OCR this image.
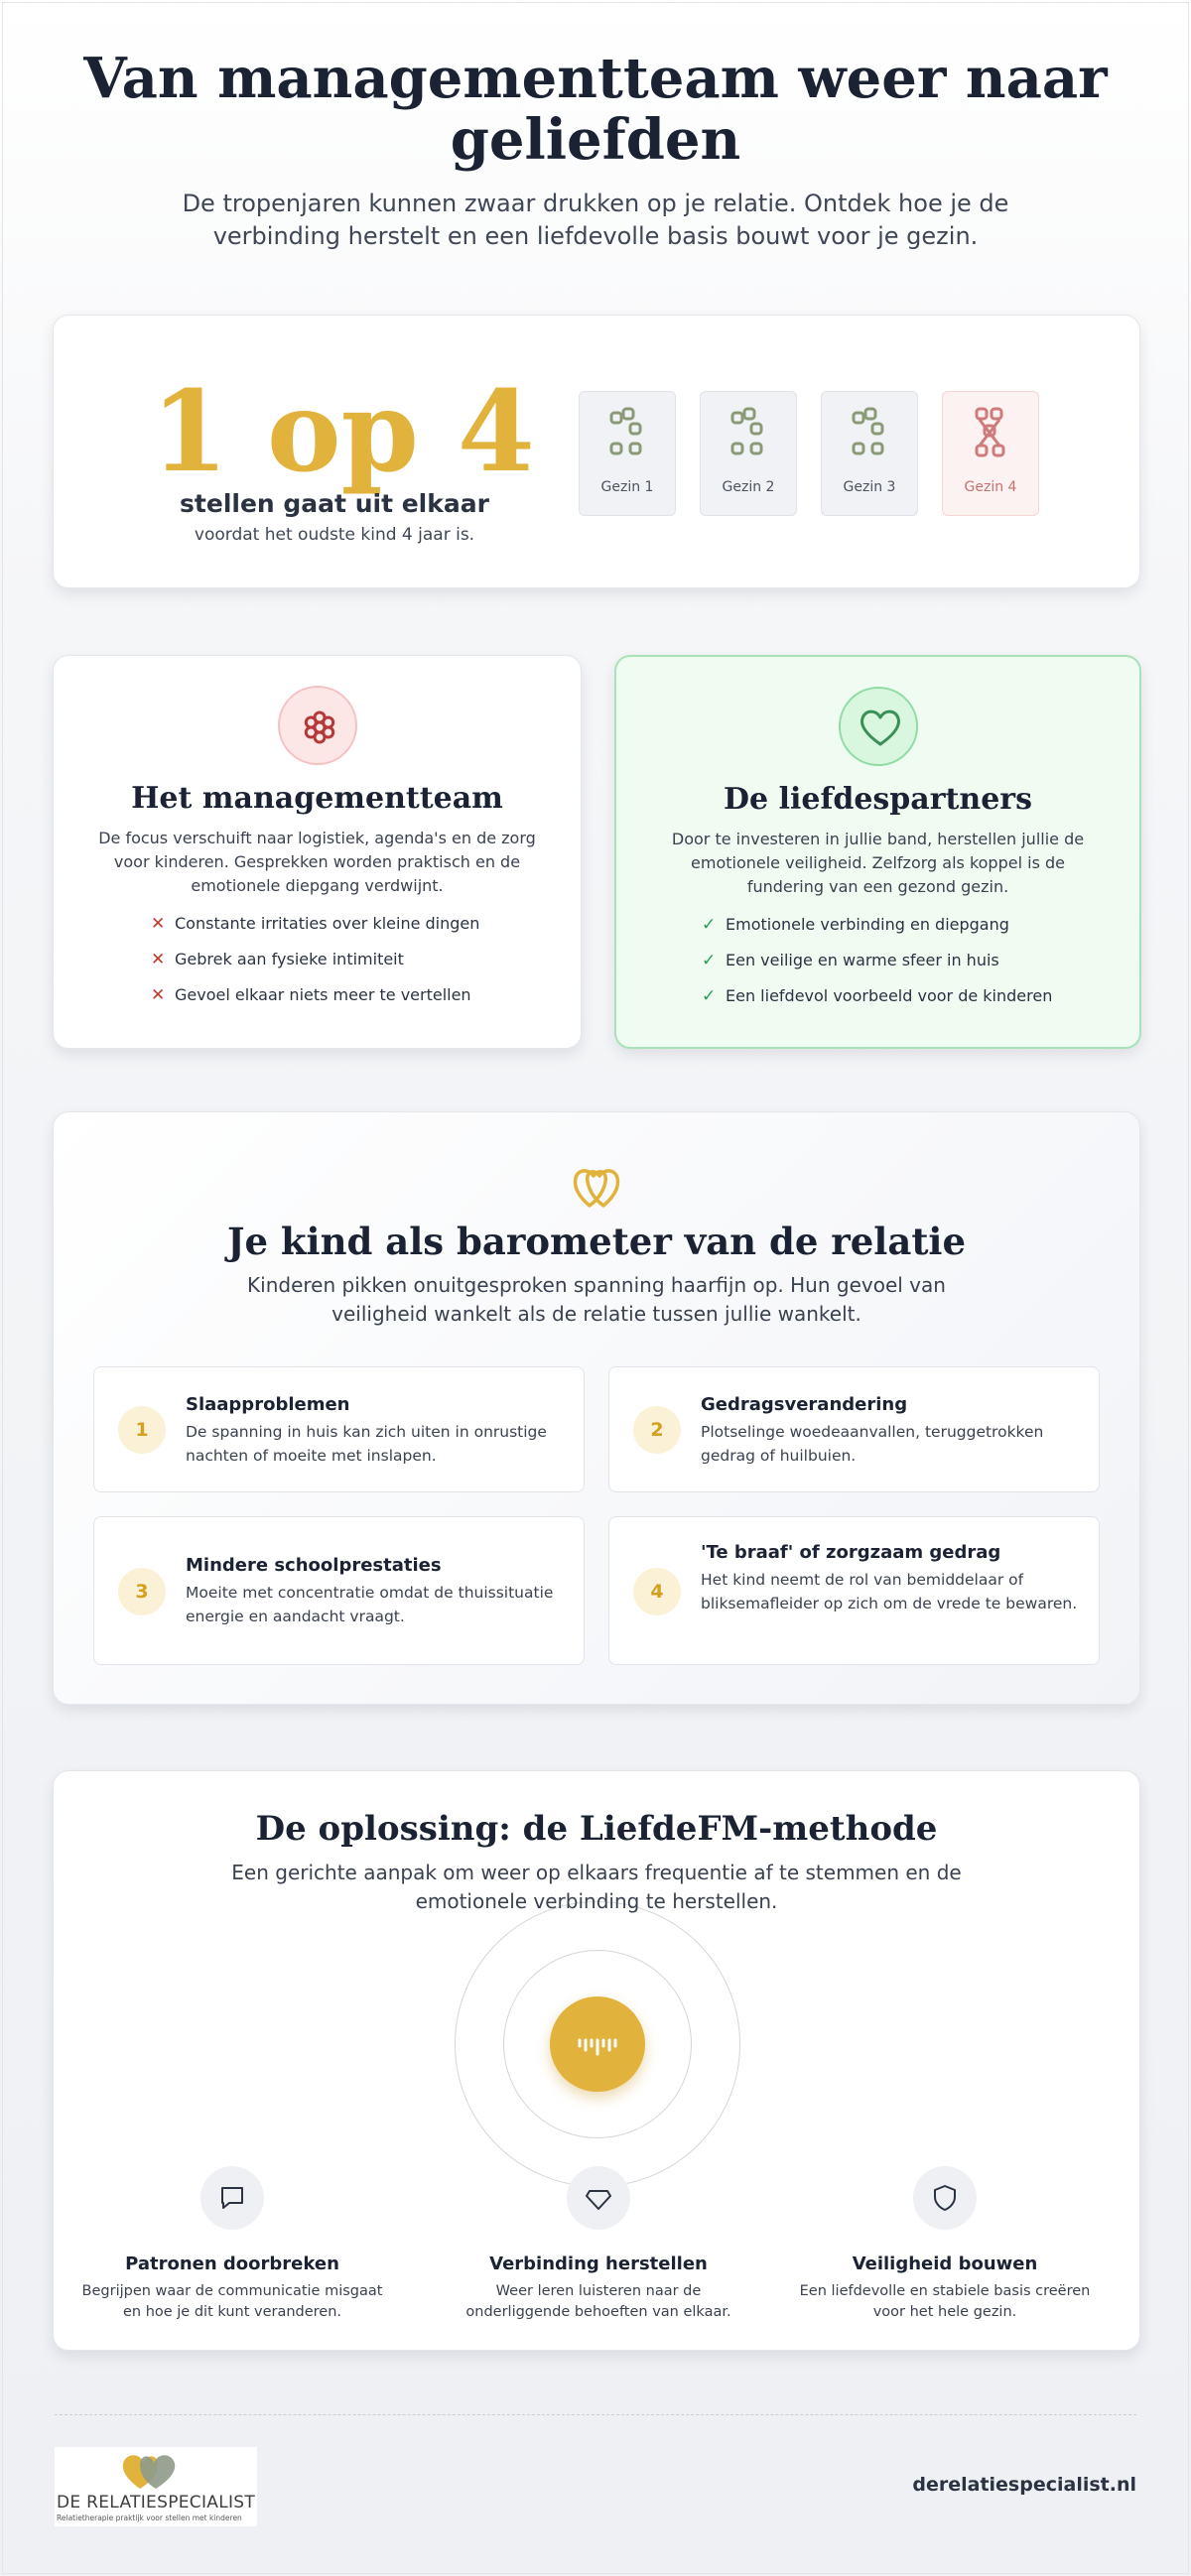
Van managementteam weer naar geliefden

De tropenjaren kunnen zwaar drukken op je relatie. Ontdek hoe je de verbinding herstelt en een liefdevolle basis bouwt voor je gezin.

1 op 4
stellen gaat uit elkaar
voordat het oudste kind 4 jaar is.
Gezin 1	Gezin 2	Gezin 3	Gezin 4
Het managementteam

De focus verschuift naar logistiek, agenda's en de zorg voor kinderen. Gesprekken worden praktisch en de emotionele diepgang verdwijnt.

✕ Constante irritaties over kleine dingen
✕ Gebrek aan fysieke intimiteit
✕ Gevoel elkaar niets meer te vertellen
De liefdespartners

Door te investeren in jullie band, herstellen jullie de emotionele veiligheid. Zelfzorg als koppel is de fundering van een gezond gezin.

✓ Emotionele verbinding en diepgang
✓ Een veilige en warme sfeer in huis
✓ Een liefdevol voorbeeld voor de kinderen
Je kind als barometer van de relatie

Kinderen pikken onuitgesproken spanning haarfijn op. Hun gevoel van veiligheid wankelt als de relatie tussen jullie wankelt.

1
Slaapproblemen
De spanning in huis kan zich uiten in onrustige nachten of moeite met inslapen.
2
Gedragsverandering
Plotselinge woedeaanvallen, teruggetrokken gedrag of huilbuien.
3
Mindere schoolprestaties
Moeite met concentratie omdat de thuissituatie energie en aandacht vraagt.
4
'Te braaf' of zorgzaam gedrag
Het kind neemt de rol van bemiddelaar of bliksemafleider op zich om de vrede te bewaren.
De oplossing: de LiefdeFM-methode

Een gerichte aanpak om weer op elkaars frequentie af te stemmen en de emotionele verbinding te herstellen.

Patronen doorbreken
Begrijpen waar de communicatie misgaat en hoe je dit kunt veranderen.
Verbinding herstellen
Weer leren luisteren naar de onderliggende behoeften van elkaar.
Veiligheid bouwen
Een liefdevolle en stabiele basis creëren voor het hele gezin.
DE RELATIESPECIALIST
Relatietherapie praktijk voor stellen met kinderen
derelatiespecialist.nl
